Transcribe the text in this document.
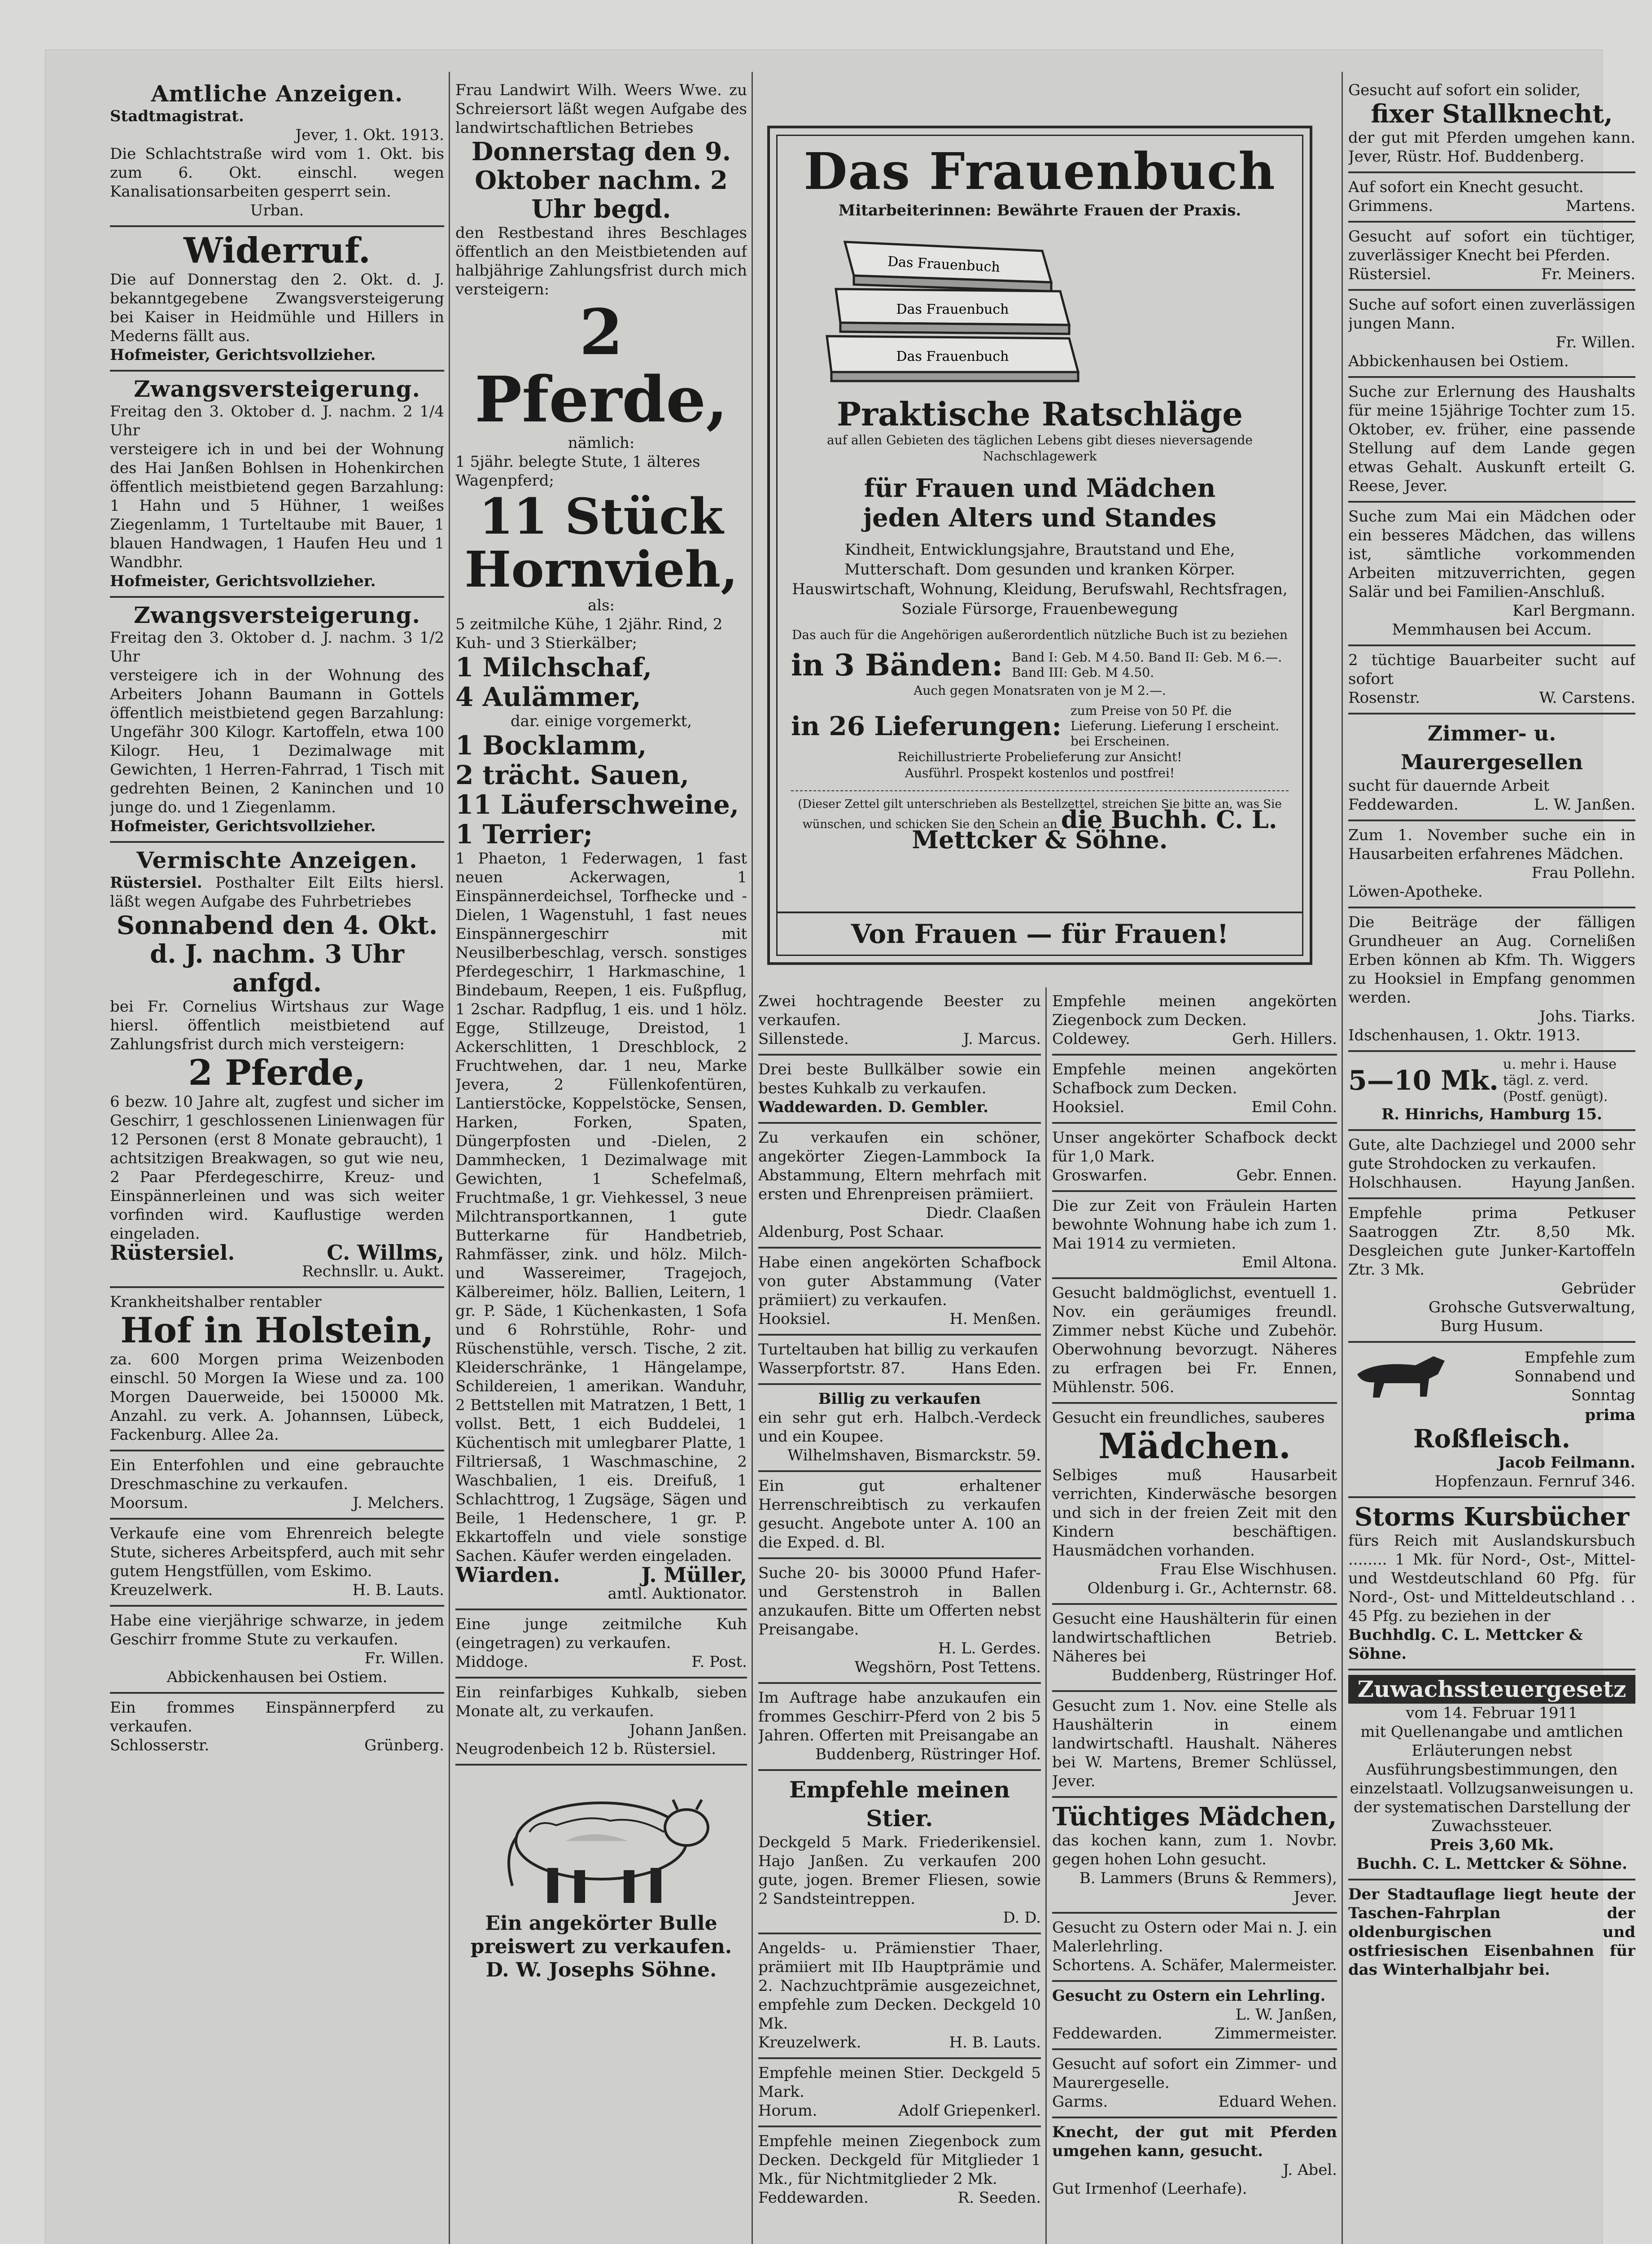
Amtliche Anzeigen.
Stadtmagistrat.
Jever, 1. Okt. 1913.
Die Schlachtstraße wird vom 1. Okt. bis zum 6. Okt. einschl. wegen Kanalisationsarbeiten gesperrt sein.
Urban.
Widerruf.
Die auf Donnerstag den 2. Okt. d. J. bekanntgegebene Zwangsversteigerung bei Kaiser in Heidmühle und Hillers in Mederns fällt aus.
Hofmeister, Gerichtsvollzieher.
Zwangsversteigerung.
Freitag den 3. Oktober d. J. nachm. 2 1/4 Uhr
versteigere ich in und bei der Wohnung des Hai Janßen Bohlsen in Hohenkirchen öffentlich meistbietend gegen Barzahlung: 1 Hahn und 5 Hühner, 1 weißes Ziegenlamm, 1 Turteltaube mit Bauer, 1 blauen Handwagen, 1 Haufen Heu und 1 Wandbhr.
Hofmeister, Gerichtsvollzieher.
Zwangsversteigerung.
Freitag den 3. Oktober d. J. nachm. 3 1/2 Uhr
versteigere ich in der Wohnung des Arbeiters Johann Baumann in Gottels öffentlich meistbietend gegen Barzahlung: Ungefähr 300 Kilogr. Kartoffeln, etwa 100 Kilogr. Heu, 1 Dezimalwage mit Gewichten, 1 Herren-Fahrrad, 1 Tisch mit gedrehten Beinen, 2 Kaninchen und 10 junge do. und 1 Ziegenlamm.
Hofmeister, Gerichtsvollzieher.
Vermischte Anzeigen.
Rüstersiel. Posthalter Eilt Eilts hiersl. läßt wegen Aufgabe des Fuhrbetriebes
Sonnabend den 4. Okt. d. J. nachm. 3 Uhr anfgd.
bei Fr. Cornelius Wirtshaus zur Wage hiersl. öffentlich meistbietend auf Zahlungsfrist durch mich versteigern:
2 Pferde,
6 bezw. 10 Jahre alt, zugfest und sicher im Geschirr, 1 geschlossenen Linienwagen für 12 Personen (erst 8 Monate gebraucht), 1 achtsitzigen Breakwagen, so gut wie neu, 2 Paar Pferdegeschirre, Kreuz- und Einspännerleinen und was sich weiter vorfinden wird. Kauflustige werden eingeladen.
Rüstersiel.	C. Willms,
Rechnsllr. u. Aukt.
Krankheitshalber rentabler
Hof in Holstein,
za. 600 Morgen prima Weizenboden einschl. 50 Morgen Ia Wiese und za. 100 Morgen Dauerweide, bei 150000 Mk. Anzahl. zu verk. A. Johannsen, Lübeck, Fackenburg. Allee 2a.
Ein Enterfohlen und eine gebrauchte Dreschmaschine zu verkaufen.
Moorsum.	J. Melchers.
Verkaufe eine vom Ehrenreich belegte Stute, sicheres Arbeitspferd, auch mit sehr gutem Hengstfüllen, vom Eskimo.
Kreuzelwerk.	H. B. Lauts.
Habe eine vierjährige schwarze, in jedem Geschirr fromme Stute zu verkaufen.
Fr. Willen.
Abbickenhausen bei Ostiem.
Ein frommes Einspännerpferd zu verkaufen.
Schlosserstr.	Grünberg.
Frau Landwirt Wilh. Weers Wwe. zu Schreiersort läßt wegen Aufgabe des landwirtschaftlichen Betriebes
Donnerstag den 9. Oktober nachm. 2 Uhr begd.
den Restbestand ihres Beschlages öffentlich an den Meistbietenden auf halbjährige Zahlungsfrist durch mich versteigern:
2 Pferde,
nämlich:
1 5jähr. belegte Stute, 1 älteres Wagenpferd;
11 Stück Hornvieh,
als:
5 zeitmilche Kühe, 1 2jähr. Rind, 2 Kuh- und 3 Stierkälber;
1 Milchschaf,
4 Aulämmer,
dar. einige vorgemerkt,
1 Bocklamm,
2 trächt. Sauen,
11 Läuferschweine,
1 Terrier;
1 Phaeton, 1 Federwagen, 1 fast neuen Ackerwagen, 1 Einspännerdeichsel, Torfhecke und -Dielen, 1 Wagenstuhl, 1 fast neues Einspännergeschirr mit Neusilberbeschlag, versch. sonstiges Pferdegeschirr, 1 Harkmaschine, 1 Bindebaum, Reepen, 1 eis. Fußpflug, 1 2schar. Radpflug, 1 eis. und 1 hölz. Egge, Stillzeuge, Dreistod, 1 Ackerschlitten, 1 Dreschblock, 2 Fruchtwehen, dar. 1 neu, Marke Jevera, 2 Füllenkofentüren, Lantierstöcke, Koppelstöcke, Sensen, Harken, Forken, Spaten, Düngerpfosten und -Dielen, 2 Dammhecken, 1 Dezimalwage mit Gewichten, 1 Schefelmaß, Fruchtmaße, 1 gr. Viehkessel, 3 neue Milchtransportkannen, 1 gute Butterkarne für Handbetrieb, Rahmfässer, zink. und hölz. Milch- und Wassereimer, Tragejoch, Kälbereimer, hölz. Ballien, Leitern, 1 gr. P. Säde, 1 Küchenkasten, 1 Sofa und 6 Rohrstühle, Rohr- und Rüschenstühle, versch. Tische, 2 zit. Kleiderschränke, 1 Hängelampe, Schildereien, 1 amerikan. Wanduhr, 2 Bettstellen mit Matratzen, 1 Bett, 1 vollst. Bett, 1 eich Buddelei, 1 Küchentisch mit umlegbarer Platte, 1 Filtriersaß, 1 Waschmaschine, 2 Waschbalien, 1 eis. Dreifuß, 1 Schlachttrog, 1 Zugsäge, Sägen und Beile, 1 Hedenschere, 1 gr. P. Ekkartoffeln und viele sonstige Sachen. Käufer werden eingeladen.
Wiarden.	J. Müller,
amtl. Auktionator.
Eine junge zeitmilche Kuh (eingetragen) zu verkaufen.
Middoge.	F. Post.
Ein reinfarbiges Kuhkalb, sieben Monate alt, zu verkaufen.
Johann Janßen.
Neugrodenbeich 12 b. Rüstersiel.
Ein angekörter Bulle preiswert zu verkaufen.
D. W. Josephs Söhne.
Das Frauenbuch
Mitarbeiterinnen: Bewährte Frauen der Praxis.
Das Frauenbuch
Das Frauenbuch
Das Frauenbuch
Praktische Ratschläge
auf allen Gebieten des täglichen Lebens gibt dieses nieversagende Nachschlagewerk
für Frauen und Mädchen
jeden Alters und Standes
Kindheit, Entwicklungsjahre, Brautstand und Ehe, Mutterschaft. Dom gesunden und kranken Körper. Hauswirtschaft, Wohnung, Kleidung, Berufswahl, Rechtsfragen, Soziale Fürsorge, Frauenbewegung
Das auch für die Angehörigen außerordentlich nützliche Buch ist zu beziehen
in 3 Bänden: Band I: Geb. M 4.50. Band II: Geb. M 6.—. Band III: Geb. M 4.50.
Auch gegen Monatsraten von je M 2.—.
in 26 Lieferungen:
zum Preise von 50 Pf. die Lieferung. Lieferung I erscheint. bei Erscheinen.
Reichillustrierte Probelieferung zur Ansicht!
Ausführl. Prospekt kostenlos und postfrei!
(Dieser Zettel gilt unterschrieben als Bestellzettel, streichen Sie bitte an, was Sie wünschen, und schicken Sie den Schein an die Buchh. C. L. Mettcker & Söhne.
Von Frauen — für Frauen!
Zwei hochtragende Beester zu verkaufen.
Sillenstede.	J. Marcus.
Drei beste Bullkälber sowie ein bestes Kuhkalb zu verkaufen.
Waddewarden. D. Gembler.
Zu verkaufen ein schöner, angekörter Ziegen-Lammbock Ia Abstammung, Eltern mehrfach mit ersten und Ehrenpreisen prämiiert.
Diedr. Claaßen
Aldenburg, Post Schaar.
Habe einen angekörten Schafbock von guter Abstammung (Vater prämiiert) zu verkaufen.
Hooksiel.	H. Menßen.
Turteltauben hat billig zu verkaufen
Wasserpfortstr. 87.	Hans Eden.
Billig zu verkaufen
ein sehr gut erh. Halbch.-Verdeck und ein Koupee.
Wilhelmshaven, Bismarckstr. 59.
Ein gut erhaltener Herrenschreibtisch zu verkaufen gesucht. Angebote unter A. 100 an die Exped. d. Bl.
Suche 20- bis 30000 Pfund Hafer- und Gerstenstroh in Ballen anzukaufen. Bitte um Offerten nebst Preisangabe.
H. L. Gerdes.
Wegshörn, Post Tettens.
Im Auftrage habe anzukaufen ein frommes Geschirr-Pferd von 2 bis 5 Jahren. Offerten mit Preisangabe an
Buddenberg, Rüstringer Hof.
Empfehle meinen Stier.
Deckgeld 5 Mark. Friederikensiel. Hajo Janßen. Zu verkaufen 200 gute, jogen. Bremer Fliesen, sowie 2 Sandsteintreppen.
D. D.
Angelds- u. Prämienstier Thaer, prämiiert mit IIb Hauptprämie und 2. Nachzuchtprämie ausgezeichnet, empfehle zum Decken. Deckgeld 10 Mk.
Kreuzelwerk.	H. B. Lauts.
Empfehle meinen Stier. Deckgeld 5 Mark.
Horum.	Adolf Griepenkerl.
Empfehle meinen Ziegenbock zum Decken. Deckgeld für Mitglieder 1 Mk., für Nichtmitglieder 2 Mk.
Feddewarden.	R. Seeden.
Empfehle meinen angekörten Ziegenbock zum Decken.
Coldewey.	Gerh. Hillers.
Empfehle meinen angekörten Schafbock zum Decken.
Hooksiel.	Emil Cohn.
Unser angekörter Schafbock deckt für 1,0 Mark.
Groswarfen.	Gebr. Ennen.
Die zur Zeit von Fräulein Harten bewohnte Wohnung habe ich zum 1. Mai 1914 zu vermieten.
Emil Altona.
Gesucht baldmöglichst, eventuell 1. Nov. ein geräumiges freundl. Zimmer nebst Küche und Zubehör. Oberwohnung bevorzugt. Näheres zu erfragen bei Fr. Ennen, Mühlenstr. 506.
Gesucht ein freundliches, sauberes
Mädchen.
Selbiges muß Hausarbeit verrichten, Kinderwäsche besorgen und sich in der freien Zeit mit den Kindern beschäftigen. Hausmädchen vorhanden.
Frau Else Wischhusen.
Oldenburg i. Gr., Achternstr. 68.
Gesucht eine Haushälterin für einen landwirtschaftlichen Betrieb. Näheres bei
Buddenberg, Rüstringer Hof.
Gesucht zum 1. Nov. eine Stelle als Haushälterin in einem landwirtschaftl. Haushalt. Näheres bei W. Martens, Bremer Schlüssel, Jever.
Tüchtiges Mädchen,
das kochen kann, zum 1. Novbr. gegen hohen Lohn gesucht.
B. Lammers (Bruns & Remmers), Jever.
Gesucht zu Ostern oder Mai n. J. ein Malerlehrling.
Schortens. A. Schäfer, Malermeister.
Gesucht zu Ostern ein Lehrling.
L. W. Janßen,
Feddewarden.	Zimmermeister.
Gesucht auf sofort ein Zimmer- und Maurergeselle.
Garms.	Eduard Wehen.
Knecht, der gut mit Pferden umgehen kann, gesucht.
J. Abel.
Gut Irmenhof (Leerhafe).
Gesucht auf sofort ein solider,
fixer Stallknecht,
der gut mit Pferden umgehen kann. Jever, Rüstr. Hof. Buddenberg.
Auf sofort ein Knecht gesucht.
Grimmens.	Martens.
Gesucht auf sofort ein tüchtiger, zuverlässiger Knecht bei Pferden.
Rüstersiel.	Fr. Meiners.
Suche auf sofort einen zuverlässigen jungen Mann.
Fr. Willen.
Abbickenhausen bei Ostiem.
Suche zur Erlernung des Haushalts für meine 15jährige Tochter zum 15. Oktober, ev. früher, eine passende Stellung auf dem Lande gegen etwas Gehalt. Auskunft erteilt G. Reese, Jever.
Suche zum Mai ein Mädchen oder ein besseres Mädchen, das willens ist, sämtliche vorkommenden Arbeiten mitzuverrichten, gegen Salär und bei Familien-Anschluß.
Karl Bergmann.
Memmhausen bei Accum.
2 tüchtige Bauarbeiter sucht auf sofort
Rosenstr.	W. Carstens.
Zimmer- u. Maurergesellen
sucht für dauernde Arbeit
Feddewarden.	L. W. Janßen.
Zum 1. November suche ein in Hausarbeiten erfahrenes Mädchen.
Frau Pollehn.
Löwen-Apotheke.
Die Beiträge der fälligen Grundheuer an Aug. Cornelißen Erben können ab Kfm. Th. Wiggers zu Hooksiel in Empfang genommen werden.
Johs. Tiarks.
Idschenhausen, 1. Oktr. 1913.
5—10 Mk.
u. mehr i. Hause tägl. z. verd. (Postf. genügt).
R. Hinrichs, Hamburg 15.
Gute, alte Dachziegel und 2000 sehr gute Strohdocken zu verkaufen.
Holschhausen.	Hayung Janßen.
Empfehle prima Petkuser Saatroggen Ztr. 8,50 Mk. Desgleichen gute Junker-Kartoffeln Ztr. 3 Mk.
Gebrüder
Grohsche Gutsverwaltung,
Burg Husum.
Empfehle zum Sonnabend und Sonntag
prima
Roßfleisch.
Jacob Feilmann.
Hopfenzaun. Fernruf 346.
Storms Kursbücher
fürs Reich mit Auslandskursbuch ........ 1 Mk. für Nord-, Ost-, Mittel- und Westdeutschland 60 Pfg. für Nord-, Ost- und Mitteldeutschland . . 45 Pfg. zu beziehen in der
Buchhdlg. C. L. Mettcker & Söhne.
Zuwachssteuergesetz
vom 14. Februar 1911
mit Quellenangabe und amtlichen Erläuterungen nebst Ausführungsbestimmungen, den einzelstaatl. Vollzugsanweisungen u. der systematischen Darstellung der Zuwachssteuer.
Preis 3,60 Mk.
Buchh. C. L. Mettcker & Söhne.
Der Stadtauflage liegt heute der Taschen-Fahrplan der oldenburgischen und ostfriesischen Eisenbahnen für das Winterhalbjahr bei.
